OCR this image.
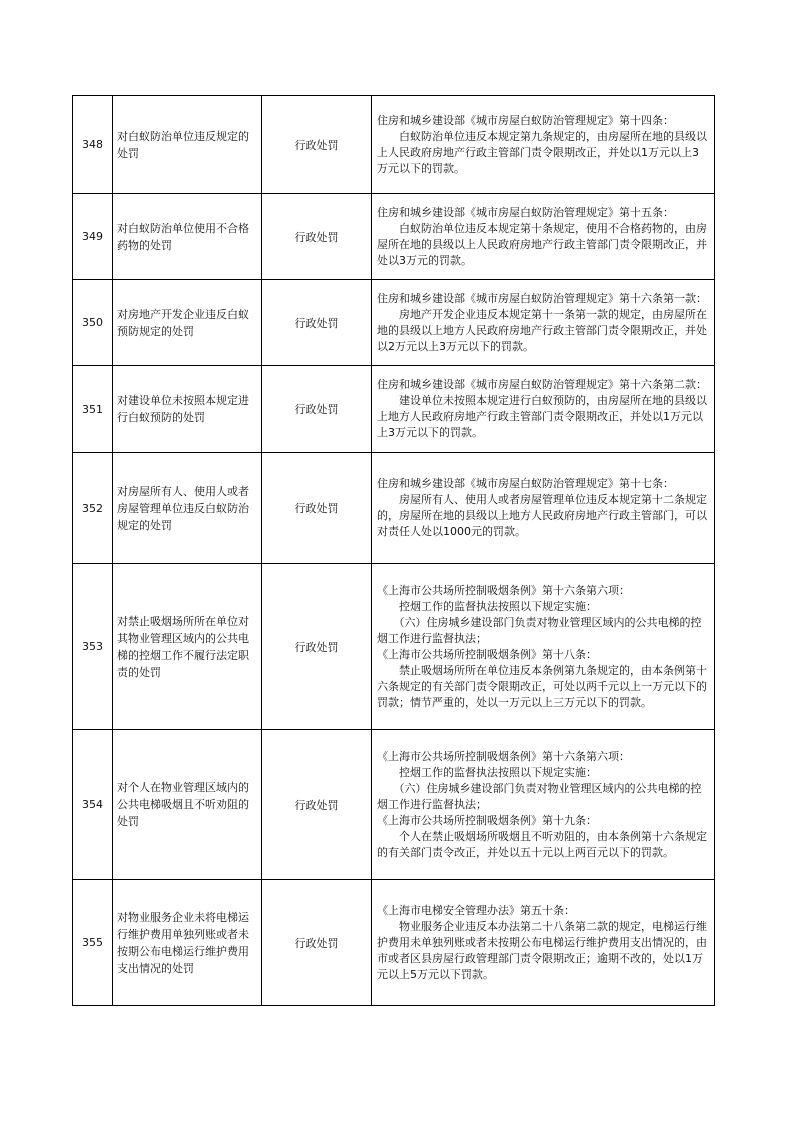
348	对白蚁防治单位违反规定的处罚	行政处罚	住房和城乡建设部《城市房屋白蚁防治管理规定》第十四条：
　　白蚁防治单位违反本规定第九条规定的，由房屋所在地的县级以上人民政府房地产行政主管部门责令限期改正，并处以1万元以上3万元以下的罚款。

349	对白蚁防治单位使用不合格药物的处罚	行政处罚	住房和城乡建设部《城市房屋白蚁防治管理规定》第十五条：
　　白蚁防治单位违反本规定第十条规定，使用不合格药物的，由房屋所在地的县级以上人民政府房地产行政主管部门责令限期改正，并处以3万元的罚款。

350	对房地产开发企业违反白蚁预防规定的处罚	行政处罚	住房和城乡建设部《城市房屋白蚁防治管理规定》第十六条第一款：
　　房地产开发企业违反本规定第十一条第一款的规定，由房屋所在地的县级以上地方人民政府房地产行政主管部门责令限期改正，并处以2万元以上3万元以下的罚款。

351	对建设单位未按照本规定进行白蚁预防的处罚	行政处罚	住房和城乡建设部《城市房屋白蚁防治管理规定》第十六条第二款：
　　建设单位未按照本规定进行白蚁预防的，由房屋所在地的县级以上地方人民政府房地产行政主管部门责令限期改正，并处以1万元以上3万元以下的罚款。

352	对房屋所有人、使用人或者房屋管理单位违反白蚁防治规定的处罚	行政处罚	住房和城乡建设部《城市房屋白蚁防治管理规定》第十七条：
　　房屋所有人、使用人或者房屋管理单位违反本规定第十二条规定的，房屋所在地的县级以上地方人民政府房地产行政主管部门，可以对责任人处以1000元的罚款。

353	对禁止吸烟场所所在单位对其物业管理区域内的公共电梯的控烟工作不履行法定职责的处罚	行政处罚	《上海市公共场所控制吸烟条例》第十六条第六项：
　　控烟工作的监督执法按照以下规定实施：
　　（六）住房城乡建设部门负责对物业管理区域内的公共电梯的控烟工作进行监督执法；
《上海市公共场所控制吸烟条例》第十八条：
　　禁止吸烟场所所在单位违反本条例第九条规定的，由本条例第十六条规定的有关部门责令限期改正，可处以两千元以上一万元以下的罚款；情节严重的，处以一万元以上三万元以下的罚款。

354	对个人在物业管理区域内的公共电梯吸烟且不听劝阻的处罚	行政处罚	《上海市公共场所控制吸烟条例》第十六条第六项：
　　控烟工作的监督执法按照以下规定实施：
　　（六）住房城乡建设部门负责对物业管理区域内的公共电梯的控烟工作进行监督执法；
《上海市公共场所控制吸烟条例》第十九条：
　　个人在禁止吸烟场所吸烟且不听劝阻的，由本条例第十六条规定的有关部门责令改正，并处以五十元以上两百元以下的罚款。

355	对物业服务企业未将电梯运行维护费用单独列账或者未按期公布电梯运行维护费用支出情况的处罚	行政处罚	《上海市电梯安全管理办法》第五十条：
　　物业服务企业违反本办法第二十八条第二款的规定，电梯运行维护费用未单独列账或者未按期公布电梯运行维护费用支出情况的，由市或者区县房屋行政管理部门责令限期改正；逾期不改的，处以1万元以上5万元以下罚款。
